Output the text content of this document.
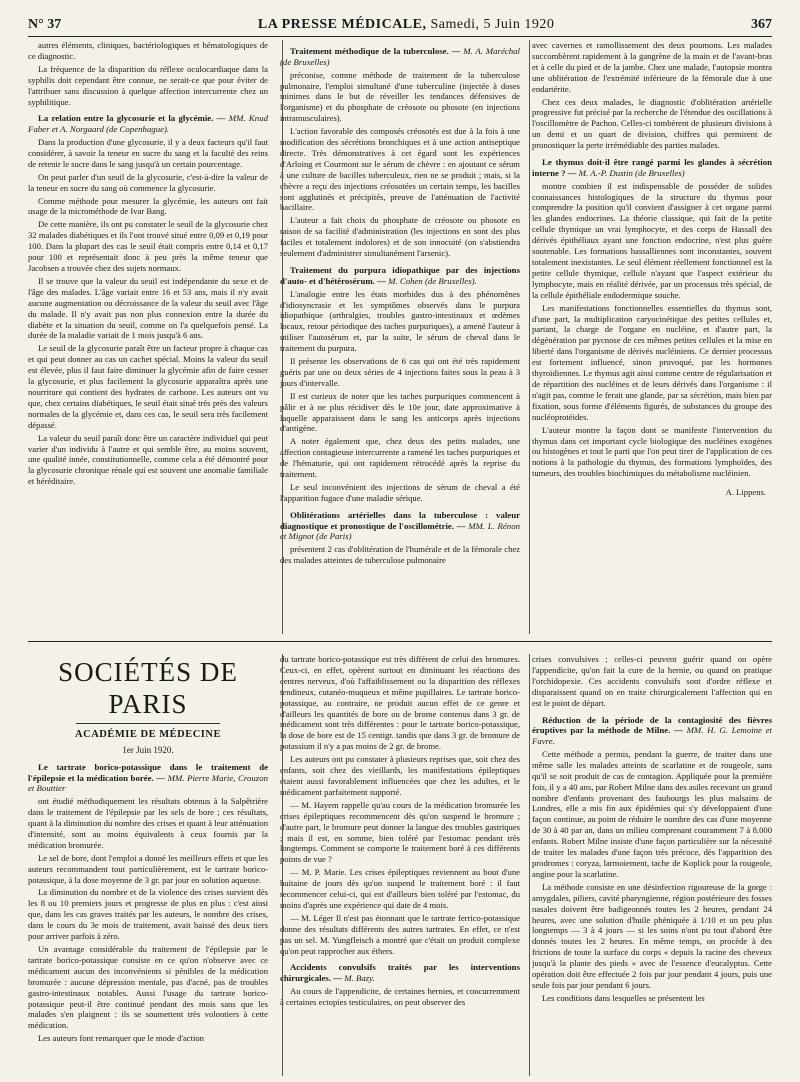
N° 37	LA PRESSE MÉDICALE, Samedi, 5 Juin 1920	367

autres éléments, cliniques, bactériologiques et hématologiques de ce diagnostic.

La fréquence de la disparition du réflexe oculocardiaque dans la syphilis doit cependant être connue, ne serait-ce que pour éviter de l'attribuer sans discussion à quelque affection intercurrente chez un syphilitique.

La relation entre la glycosurie et la glycémie. — MM. Knud Faber et A. Norgaard (de Copenhague).

Dans la production d'une glycosurie, il y a deux facteurs qu'il faut considérer, à savoir la teneur en sucre du sang et la faculté des reins de retenir le sucre dans le sang jusqu'à un certain pourcentage.

On peut parler d'un seuil de la glycosurie, c'est-à-dire la valeur de la teneur en sucre du sang où commence la glycosurie.

Comme méthode pour mesurer la glycémie, les auteurs ont fait usage de la microméthode de Ivar Bang.

De cette manière, ils ont pu constater le seuil de la glycosurie chez 32 malades diabétiques et ils l'ont trouvé situé entre 0,09 et 0,19 pour 100. Dans la plupart des cas le seuil était compris entre 0,14 et 0,17 pour 100 et représentait donc à peu près la même teneur que Jacobsen a trouvée chez des sujets normaux.

Il se trouve que la valeur du seuil est indépendante du sexe et de l'âge des malades. L'âge variait entre 16 et 53 ans, mais il n'y avait aucune augmentation ou décroissance de la valeur du seuil avec l'âge du malade. Il n'y avait pas non plus connexion entre la durée du diabète et la situation du seuil, comme on l'a quelquefois pensé. La durée de la maladie variait de 1 mois jusqu'à 6 ans.

Le seuil de la glycosurie paraît être un facteur propre à chaque cas et qui peut donner au cas un cachet spécial. Moins la valeur du seuil est élevée, plus il faut faire diminuer la glycémie afin de faire cesser la glycosurie, et plus facilement la glycosurie apparaîtra après une nourriture qui contient des hydrates de carbone. Les auteurs ont vu que, chez certains diabétiques, le seuil était situé très près des valeurs normales de la glycémie et, dans ces cas, le seuil sera très facilement dépassé.

La valeur du seuil paraît donc être un caractère individuel qui peut varier d'un individu à l'autre et qui semble être, au moins souvent, une qualité innée, constitutionnelle, comme cela a été démontré pour la glycosurie chronique rénale qui est souvent une anomalie familiale et héréditaire.

Traitement méthodique de la tuberculose. — M. A. Maréchal (de Bruxelles)

préconise, comme méthode de traitement de la tuberculose pulmonaire, l'emploi simultané d'une tuberculine (injectée à doses minimes dans le but de réveiller les tendances défensives de l'organisme) et du phosphate de créosote ou phosote (en injections intramusculaires).

L'action favorable des composés créosotés est due à la fois à une modification des sécrétions bronchiques et à une action antiseptique directe. Très démonstratives à cet égard sont les expériences d'Arloing et Courmont sur le sérum de chèvre : en ajoutant ce sérum à une culture de bacilles tuberculeux, rien ne se produit ; mais, si la chèvre a reçu des injections créosotées un certain temps, les bacilles sont agglutinés et précipités, preuve de l'atténuation de l'activité bacillaire.

L'auteur a fait choix du phosphate de créosote ou phosote en raison de sa facilité d'administration (les injections en sont des plus faciles et totalement indolores) et de son innocuité (on s'abstiendra seulement d'administrer simultanément l'arsenic).

Traitement du purpura idiopathique par des injections d'auto- et d'hétérosérum. — M. Cohen (de Bruxelles).

L'analogie entre les états morbides dus à des phénomènes d'idiosyncrasie et les symptômes observés dans le purpura idiopathique (arthralgies, troubles gastro-intestinaux et œdèmes locaux, retour périodique des taches purpuriques), a amené l'auteur à utiliser l'autosérum et, par la suite, le sérum de cheval dans le traitement du purpura.

Il présente les observations de 6 cas qui ont été très rapidement guéris par une ou deux séries de 4 injections faites sous la peau à 3 jours d'intervalle.

Il est curieux de noter que les taches purpuriques commencent à pâlir et à ne plus récidiver dès le 10e jour, date approximative à laquelle apparaissent dans le sang les anticorps après injections d'antigène.

A noter également que, chez deux des petits malades, une affection contagieuse intercurrente a ramené les taches purpuriques et de l'hématurie, qui ont rapidement rétrocédé après la reprise du traitement.

Le seul inconvénient des injections de sérum de cheval a été l'apparition fugace d'une maladie sérique.

Oblitérations artérielles dans la tuberculose : valeur diagnostique et pronostique de l'oscillométrie. — MM. L. Rénon et Mignot (de Paris)

présentent 2 cas d'oblitération de l'humérale et de la fémorale chez des malades atteintes de tuberculose pulmonaire

avec cavernes et ramollissement des deux poumons. Les malades succombèrent rapidement à la gangrène de la main et de l'avant-bras et à celle du pied et de la jambe. Chez une malade, l'autopsie montra une oblitération de l'extrémité inférieure de la fémorale due à une endartérite.

Chez ces deux malades, le diagnostic d'oblitération artérielle progressive fut précisé par la recherche de l'étendue des oscillations à l'oscillomètre de Pachon. Celles-ci tombèrent de plusieurs divisions à un demi et un quart de division, chiffres qui permirent de pronostiquer la perte irrémédiable des parties malades.

Le thymus doit-il être rangé parmi les glandes à sécrétion interne ? — M. A.-P. Dustin (de Bruxelles)

montre combien il est indispensable de posséder de solides connaissances histologiques de la structure du thymus pour comprendre la position qu'il convient d'assigner à cet organe parmi les glandes endocrines. La théorie classique, qui fait de la petite cellule thymique un vrai lymphocyte, et des corps de Hassall des dérivés épithéliaux ayant une fonction endocrine, n'est plus guère soutenable. Les formations hassalliennes sont inconstantes, souvent totalement inexistantes. Le seul élément réellement fonctionnel est la petite cellule thymique, cellule n'ayant que l'aspect extérieur du lymphocyte, mais en réalité dérivée, par un processus très spécial, de la cellule épithéliale endodermique souche.

Les manifestations fonctionnelles essentielles du thymus sont, d'une part, la multiplication caryocinétique des petites cellules et, partant, la charge de l'organe en nucléine, et d'autre part, la dégénération par pycnose de ces mêmes petites cellules et la mise en liberté dans l'organisme de dérivés nucléiniens. Ce dernier processus est fortement influencé, sinon provoqué, par les hormones thyroïdiennes. Le thymus agit ainsi comme centre de régularisation et de répartition des nucléines et de leurs dérivés dans l'organisme : il n'agit pas, comme le ferait une glande, par sa sécrétion, mais bien par fixation, sous forme d'éléments figurés, de substances du groupe des nucléoprotéides.

L'auteur montre la façon dont se manifeste l'intervention du thymus dans cet important cycle biologique des nucléines exogènes ou histogènes et tout le parti que l'on peut tirer de l'application de ces notions à la pathologie du thymus, des formations lymphoïdes, des tumeurs, des troubles biochimiques du métabolisme nucléinien.

A. Lippens.
SOCIÉTÉS DE PARIS
ACADÉMIE DE MÉDECINE
1er Juin 1920.
Le tartrate borico-potassique dans le traitement de l'épilepsie et la médication borée. — MM. Pierre Marie, Crouzon et Bouttier

ont étudié méthodiquement les résultats obtenus à la Salpêtrière dans le traitement de l'épilepsie par les sels de bore ; ces résultats, quant à la diminution du nombre des crises et quant à leur atténuation d'intensité, sont au moins équivalents à ceux fournis par la médication bromurée.

Le sel de bore, dont l'emploi a donné les meilleurs effets et que les auteurs recommandent tout particulièrement, est le tartrate borico-potassique, à la dose moyenne de 3 gr. par jour en solution aqueuse.

La diminution du nombre et de la violence des crises survient dès les 8 ou 10 premiers jours et progresse de plus en plus : c'est ainsi que, dans les cas graves traités par les auteurs, le nombre des crises, dans le cours du 3e mois de traitement, avait baissé des deux tiers pour arriver parfois à zéro.

Un avantage considérable du traitement de l'épilepsie par le tartrate borico-potassique consiste en ce qu'on n'observe avec ce médicament aucun des inconvénients si pénibles de la médication bromurée : aucune dépression mentale, pas d'acné, pas de troubles gastro-intestinaux notables. Aussi l'usage du tartrate borico-potassique peut-il être continué pendant des mois sans que les malades s'en plaignent : ils se soumettent très volontiers à cette médication.

Les auteurs font remarquer que le mode d'action

du tartrate borico-potassique est très différent de celui des bromures. Ceux-ci, en effet, opèrent surtout en diminuant les réactions des centres nerveux, d'où l'affaiblissement ou la disparition des réflexes tendineux, cutanéo-muqueux et même pupillaires. Le tartrate borico-potassique, au contraire, ne produit aucun effet de ce genre et d'ailleurs les quantités de bore ou de brome contenus dans 3 gr. de médicament sont très différentes : pour le tartrate borico-potassique, la dose de bore est de 15 centigr. tandis que dans 3 gr. de bromure de potassium il n'y a pas moins de 2 gr. de brome.

Les auteurs ont pu constater à plusieurs reprises que, soit chez des enfants, soit chez des vieillards, les manifestations épileptiques étaient aussi favorablement influencées que chez les adultes, et le médicament parfaitement supporté.

— M. Hayem rappelle qu'au cours de la médication bromurée les crises épileptiques recommencent dès qu'on suspend le bromure ; d'autre part, le bromure peut donner la langue des troubles gastriques ; mais il est, en somme, bien toléré par l'estomac pendant très longtemps. Comment se comporte le traitement boré à ces différents points de vue ?

— M. P. Marie. Les crises épileptiques reviennent au bout d'une huitaine de jours dès qu'on suspend le traitement boré : il faut recommencer celui-ci, qui est d'ailleurs bien toléré par l'estomac, du moins d'après une expérience qui date de 4 mois.

— M. Léger Il n'est pas étonnant que le tartrate ferrico-potassique donne des résultats différents des autres tartrates. En effet, ce n'est pas un sel. M. Yungfleisch a montré que c'était un produit complexe qu'on peut rapprocher aux éthers.

Accidents convulsifs traités par les interventions chirurgicales. — M. Bazy.

Au cours de l'appendicite, de certaines hernies, et concurremment à certaines ectopies testiculaires, on peut observer des

crises convulsives ; celles-ci peuvent guérir quand on opère l'appendicite, qu'on fait la cure de la hernie, ou quand on pratique l'orchidopexie. Ces accidents convulsifs sont d'ordre réflexe et disparaissent quand on en traite chirurgicalement l'affection qui en est le point de départ.

Réduction de la période de la contagiosité des fièvres éruptives par la méthode de Milne. — MM. H. G. Lemoine et Favre.

Cette méthode a permis, pendant la guerre, de traiter dans une même salle les malades atteints de scarlatine et de rougeole, sans qu'il se soit produit de cas de contagion. Appliquée pour la première fois, il y a 40 ans, par Robert Milne dans des asiles recevant un grand nombre d'enfants provenant des faubourgs les plus malsains de Londres, elle a mis fin aux épidémies qui s'y développaient d'une façon continue, au point de réduire le nombre des cas d'une moyenne de 30 à 40 par an, dans un milieu comprenant couramment 7 à 8.000 enfants. Robert Milne insiste d'une façon particulière sur la nécessité de traiter les malades d'une façon très précoce, dès l'apparition des prodromes : coryza, larmoiement, tache de Koplick pour la rougeole, angine pour la scarlatine.

La méthode consiste en une désinfection rigoureuse de la gorge : amygdales, piliers, cavité pharyngienne, région postérieure des fosses nasales doivent être badigeonnés toutes les 2 heures, pendant 24 heures, avec une solution d'huile phéniquée à 1/10 et un peu plus longtemps — 3 à 4 jours — si les soins n'ont pu tout d'abord être donnés toutes les 2 heures. En même temps, on procède à des frictions de toute la surface du corps « depuis la racine des cheveux jusqu'à la plante des pieds » avec de l'essence d'eucalyptus. Cette opération doit être effectuée 2 fois par jour pendant 4 jours, puis une seule fois par jour pendant 6 jours.

Les conditions dans lesquelles se présentent les
